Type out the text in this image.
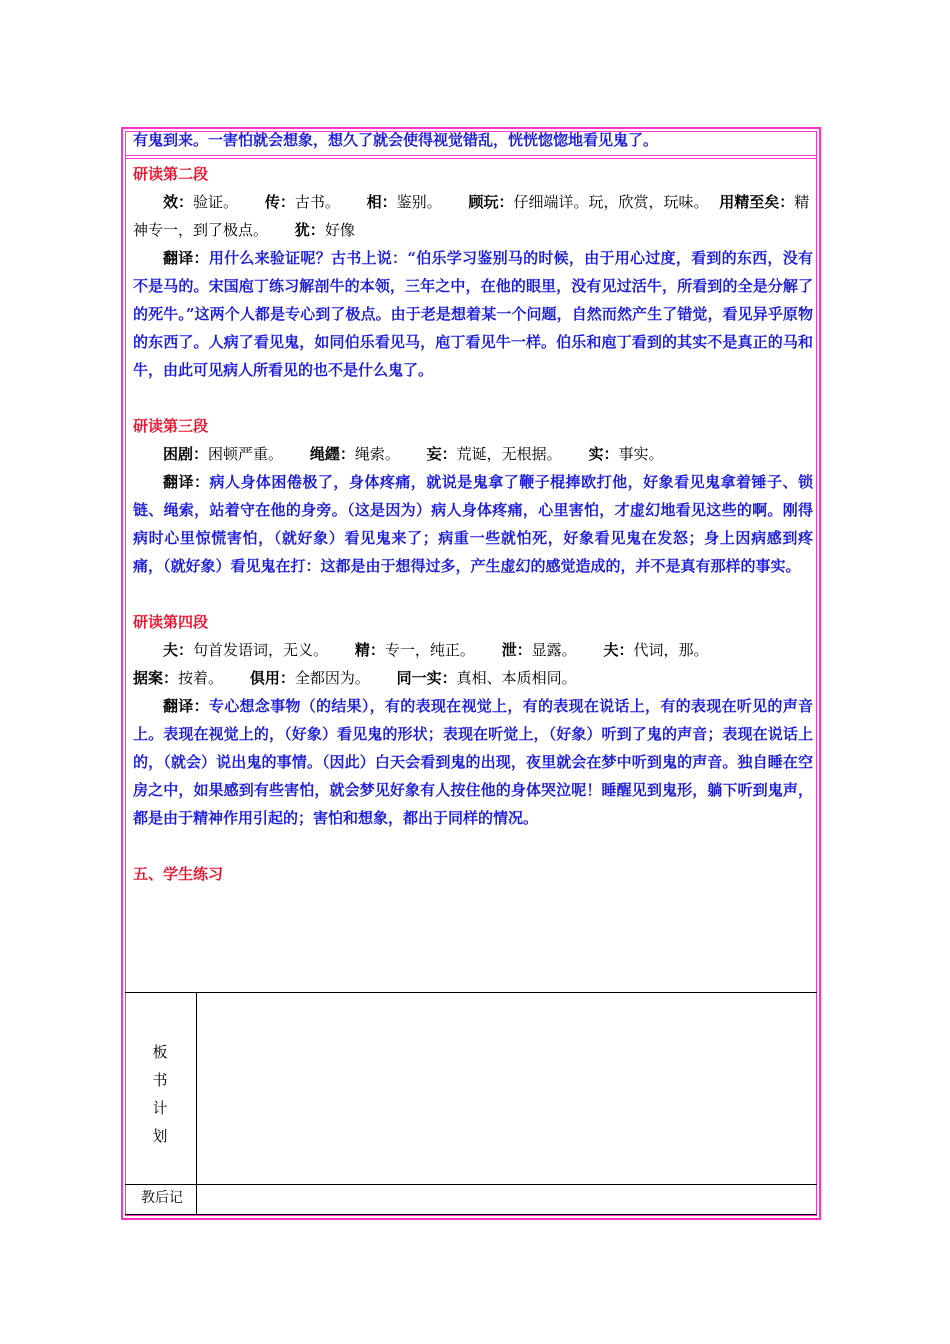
有鬼到来。一害怕就会想象，想久了就会使得视觉错乱，恍恍惚惚地看见鬼了。
研读第二段
效：验证。 传：古书。 相：鉴别。 顾玩：仔细端详。玩，欣赏，玩味。 用精至矣：精神专一，到了极点。 犹：好像
翻译：用什么来验证呢？古书上说：“伯乐学习鉴别马的时候，由于用心过度，看到的东西，没有不是马的。宋国庖丁练习解剖牛的本领，三年之中，在他的眼里，没有见过活牛，所看到的全是分解了的死牛。”这两个人都是专心到了极点。由于老是想着某一个问题，自然而然产生了错觉，看见异乎原物的东西了。人病了看见鬼，如同伯乐看见马，庖丁看见牛一样。伯乐和庖丁看到的其实不是真正的马和牛，由此可见病人所看见的也不是什么鬼了。
研读第三段
困剧：困顿严重。 绳纆：绳索。 妄：荒诞，无根据。 实：事实。
翻译：病人身体困倦极了，身体疼痛，就说是鬼拿了鞭子棍捧欧打他，好象看见鬼拿着锤子、锁链、绳索，站着守在他的身旁。（这是因为）病人身体疼痛，心里害怕，才虚幻地看见这些的啊。刚得病时心里惊慌害怕，（就好象）看见鬼来了；病重一些就怕死，好象看见鬼在发怒；身上因病感到疼痛，（就好象）看见鬼在打：这都是由于想得过多，产生虚幻的感觉造成的，并不是真有那样的事实。
研读第四段
夫：句首发语词，无义。 精：专一，纯正。 泄：显露。 夫：代词，那。
据案：按着。 俱用：全都因为。 同一实：真相、本质相同。
翻译：专心想念事物（的结果），有的表现在视觉上，有的表现在说话上，有的表现在听见的声音上。表现在视觉上的，（好象）看见鬼的形状；表现在听觉上，（好象）听到了鬼的声音；表现在说话上的，（就会）说出鬼的事情。（因此）白天会看到鬼的出现，夜里就会在梦中听到鬼的声音。独自睡在空房之中，如果感到有些害怕，就会梦见好象有人按住他的身体哭泣呢！睡醒见到鬼形，躺下听到鬼声，都是由于精神作用引起的；害怕和想象，都出于同样的情况。
五、学生练习
板
书
计
划
教后记
